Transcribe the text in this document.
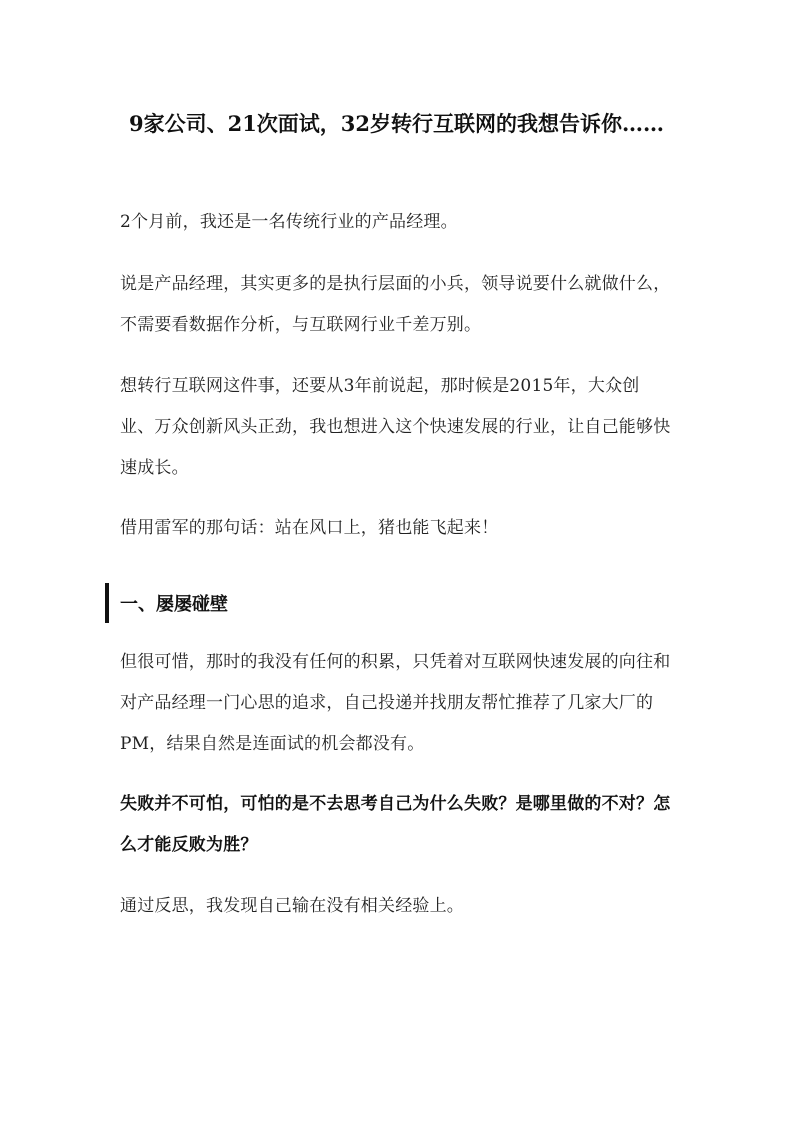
9家公司、21次面试，32岁转行互联网的我想告诉你……

2个月前，我还是一名传统行业的产品经理。

说是产品经理，其实更多的是执行层面的小兵，领导说要什么就做什么，不需要看数据作分析，与互联网行业千差万别。

想转行互联网这件事，还要从3年前说起，那时候是2015年，大众创业、万众创新风头正劲，我也想进入这个快速发展的行业，让自己能够快速成长。

借用雷军的那句话：站在风口上，猪也能飞起来！

一、屡屡碰壁

但很可惜，那时的我没有任何的积累，只凭着对互联网快速发展的向往和对产品经理一门心思的追求，自己投递并找朋友帮忙推荐了几家大厂的PM，结果自然是连面试的机会都没有。

失败并不可怕，可怕的是不去思考自己为什么失败？是哪里做的不对？怎么才能反败为胜？

通过反思，我发现自己输在没有相关经验上。
